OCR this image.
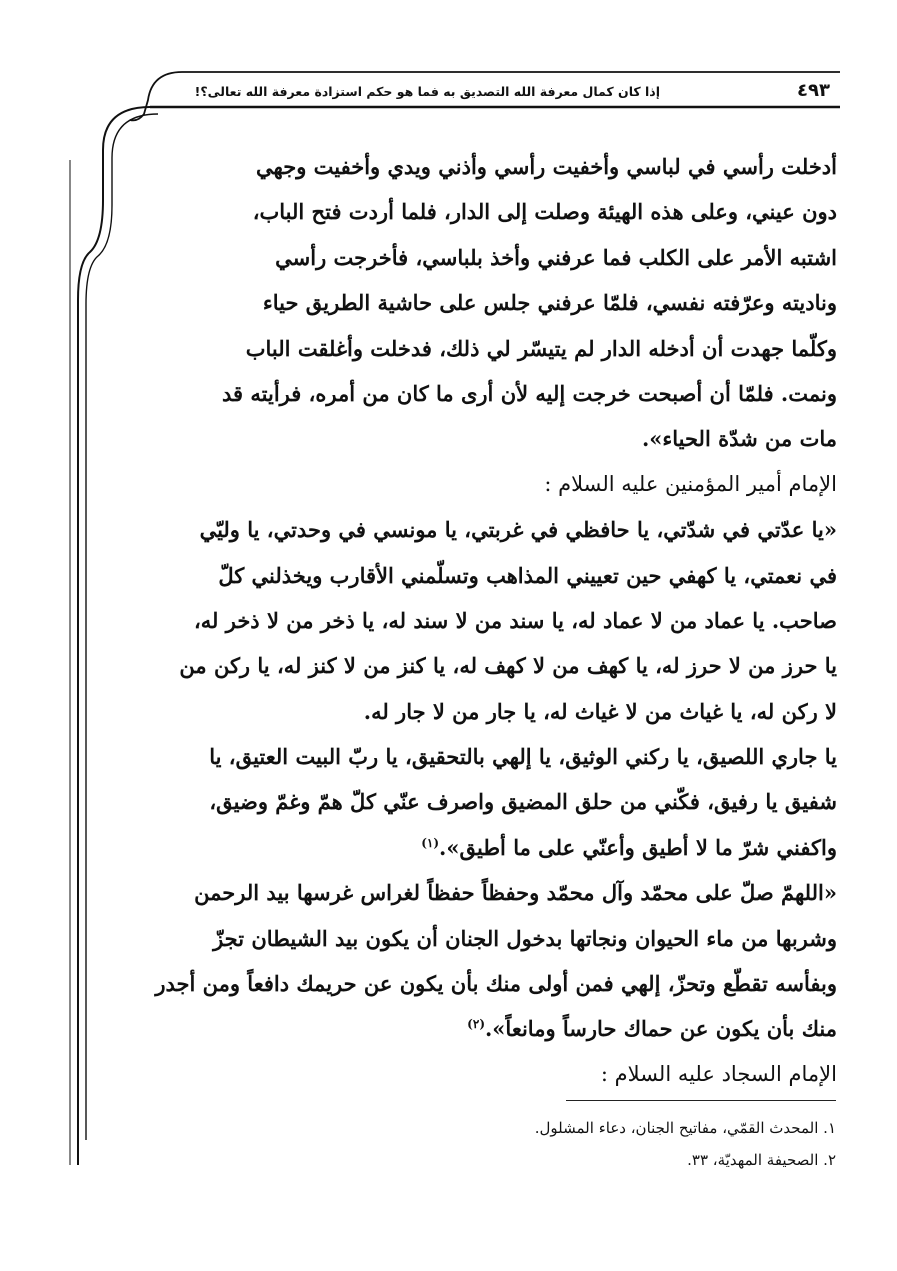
٤٩٣
إذا كان كمال معرفة الله التصديق به فما هو حكم استزادة معرفة الله تعالى؟!
أدخلت رأسي في لباسي وأخفيت رأسي وأذني ويدي وأخفيت وجهي
دون عيني، وعلى هذه الهيئة وصلت إلى الدار، فلما أردت فتح الباب،
اشتبه الأمر على الكلب فما عرفني وأخذ بلباسي، فأخرجت رأسي
وناديته وعرّفته نفسي، فلمّا عرفني جلس على حاشية الطريق حياء
وكلّما جهدت أن أدخله الدار لم يتيسّر لي ذلك، فدخلت وأغلقت الباب
ونمت. فلمّا أن أصبحت خرجت إليه لأن أرى ما كان من أمره، فرأيته قد
مات من شدّة الحياء».
الإمام أمير المؤمنين عليه السلام :
«يا عدّتي في شدّتي، يا حافظي في غربتي، يا مونسي في وحدتي، يا وليّي
في نعمتي، يا كهفي حين تعييني المذاهب وتسلّمني الأقارب ويخذلني كلّ
صاحب. يا عماد من لا عماد له، يا سند من لا سند له، يا ذخر من لا ذخر له،
يا حرز من لا حرز له، يا كهف من لا كهف له، يا كنز من لا كنز له، يا ركن من
لا ركن له، يا غياث من لا غياث له، يا جار من لا جار له.
يا جاري اللصيق، يا ركني الوثيق، يا إلهي بالتحقيق، يا ربّ البيت العتيق، يا
شفيق يا رفيق، فكّني من حلق المضيق واصرف عنّي كلّ همّ وغمّ وضيق،
واكفني شرّ ما لا أطيق وأعنّي على ما أطيق».$^{(١)}$
«اللهمّ صلّ على محمّد وآل محمّد وحفظاً حفظاً لغراس غرسها بيد الرحمن
وشربها من ماء الحيوان ونجاتها بدخول الجنان أن يكون بيد الشيطان تجزّ
وبفأسه تقطّع وتحزّ، إلهي فمن أولى منك بأن يكون عن حريمك دافعاً ومن أجدر
منك بأن يكون عن حماك حارساً ومانعاً».$^{(٢)}$
الإمام السجاد عليه السلام :
١. المحدث القمّي، مفاتيح الجنان، دعاء المشلول.
٢. الصحيفة المهديّة، ٣٣.
